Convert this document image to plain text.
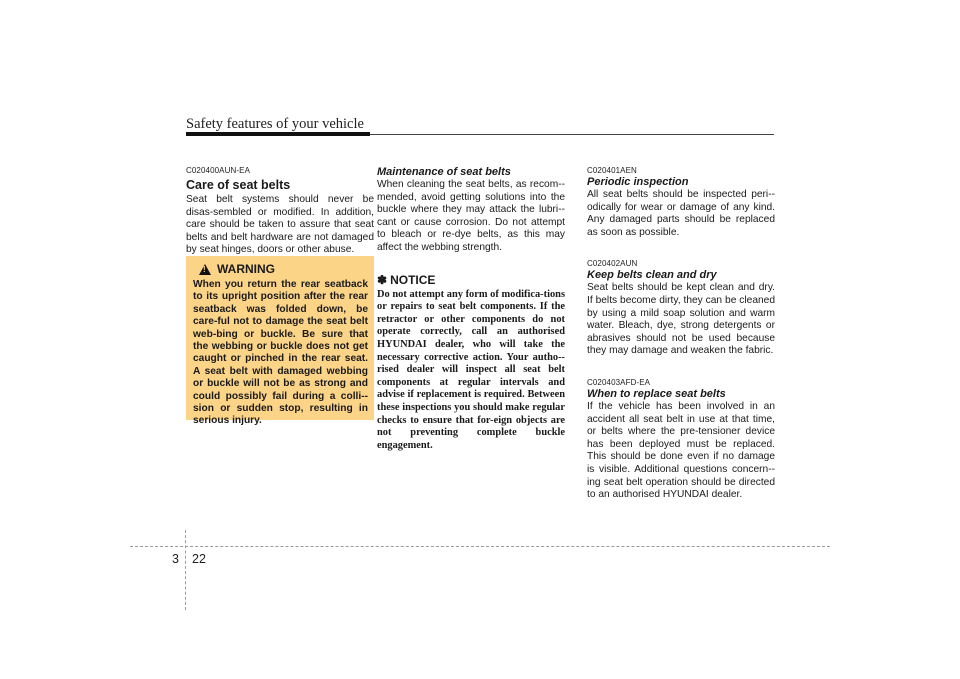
Safety features of your vehicle

C020400AUN-EA

Care of seat belts

Seat belt systems should never be disas-sembled or modified. In addition, care should be taken to assure that seat belts and belt hardware are not damaged by seat hinges, doors or other abuse.

!
WARNING

When you return the rear seatback to its upright position after the rear seatback was folded down, be care-ful not to damage the seat belt web-bing or buckle. Be sure that the webbing or buckle does not get caught or pinched in the rear seat. A seat belt with damaged webbing or buckle will not be as strong and could possibly fail during a colli-sion or sudden stop, resulting in serious injury.

Maintenance of seat belts

When cleaning the seat belts, as recom-mended, avoid getting solutions into the buckle where they may attack the lubri-cant or cause corrosion. Do not attempt to bleach or re-dye belts, as this may affect the webbing strength.

✽ NOTICE

Do not attempt any form of modifica-tions or repairs to seat belt components. If the retractor or other components do not operate correctly, call an authorised HYUNDAI dealer, who will take the necessary corrective action. Your autho-rised dealer will inspect all seat belt components at regular intervals and advise if replacement is required. Between these inspections you should make regular checks to ensure that for-eign objects are not preventing complete buckle engagement.

C020401AEN

Periodic inspection

All seat belts should be inspected peri-odically for wear or damage of any kind. Any damaged parts should be replaced as soon as possible.

C020402AUN

Keep belts clean and dry

Seat belts should be kept clean and dry. If belts become dirty, they can be cleaned by using a mild soap solution and warm water. Bleach, dye, strong detergents or abrasives should not be used because they may damage and weaken the fabric.

C020403AFD-EA

When to replace seat belts

If the vehicle has been involved in an accident all seat belt in use at that time, or belts where the pre-tensioner device has been deployed must be replaced. This should be done even if no damage is visible. Additional questions concern-ing seat belt operation should be directed to an authorised HYUNDAI dealer.

3 22
